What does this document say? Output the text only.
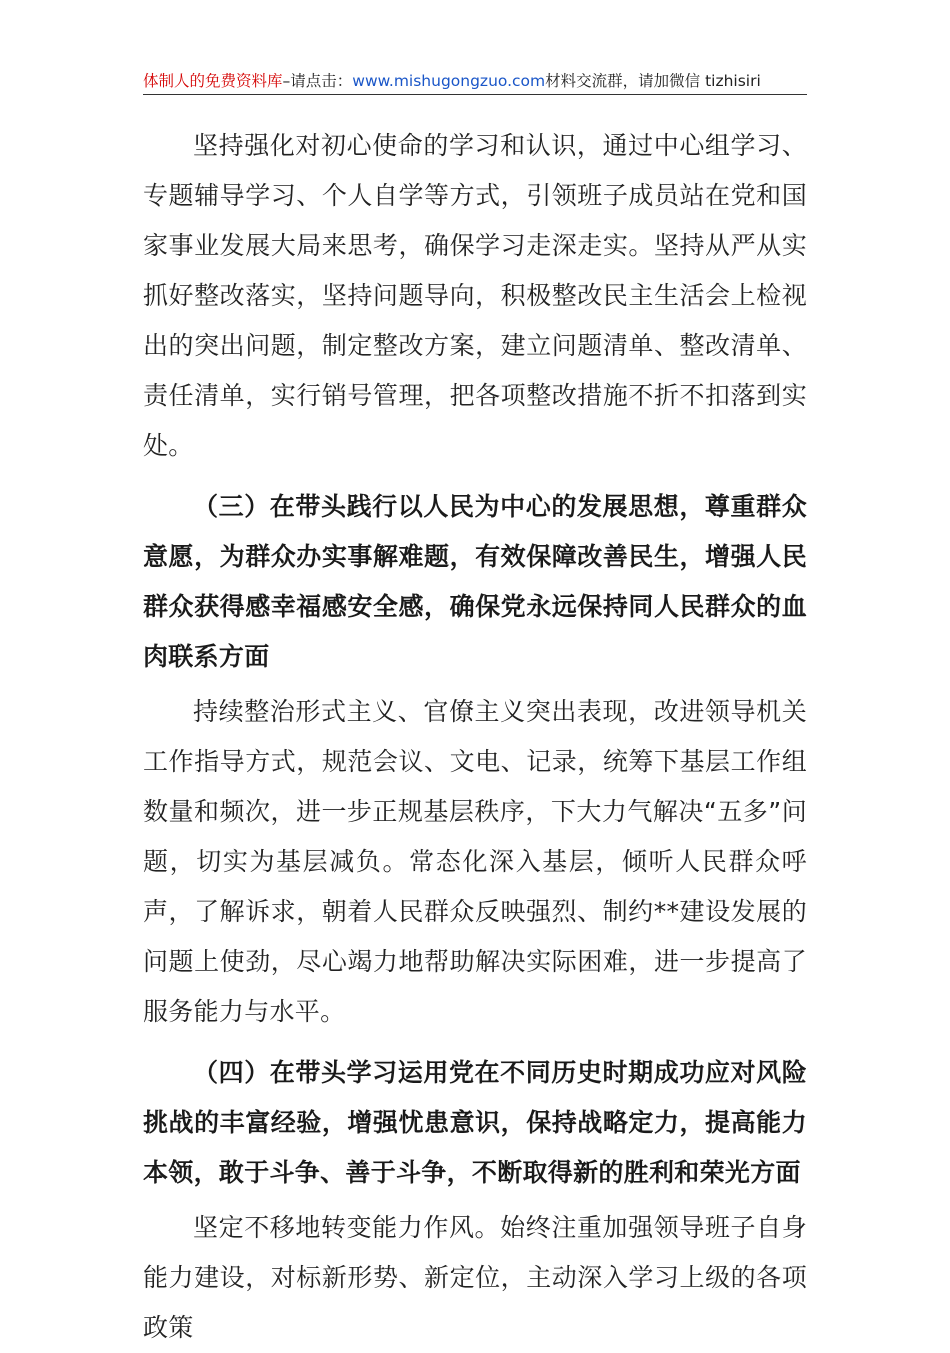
体制人的免费资料库–请点击：www.mishugongzuo.com材料交流群，请加微信 tizhisiri

坚持强化对初心使命的学习和认识，通过中心组学习、专题辅导学习、个人自学等方式，引领班子成员站在党和国家事业发展大局来思考，确保学习走深走实。坚持从严从实抓好整改落实，坚持问题导向，积极整改民主生活会上检视出的突出问题，制定整改方案，建立问题清单、整改清单、责任清单，实行销号管理，把各项整改措施不折不扣落到实处。

（三）在带头践行以人民为中心的发展思想，尊重群众意愿，为群众办实事解难题，有效保障改善民生，增强人民群众获得感幸福感安全感，确保党永远保持同人民群众的血肉联系方面

持续整治形式主义、官僚主义突出表现，改进领导机关工作指导方式，规范会议、文电、记录，统筹下基层工作组数量和频次，进一步正规基层秩序，下大力气解决“五多”问题，切实为基层减负。常态化深入基层，倾听人民群众呼声，了解诉求，朝着人民群众反映强烈、制约**建设发展的问题上使劲，尽心竭力地帮助解决实际困难，进一步提高了服务能力与水平。

（四）在带头学习运用党在不同历史时期成功应对风险挑战的丰富经验，增强忧患意识，保持战略定力，提高能力本领，敢于斗争、善于斗争，不断取得新的胜利和荣光方面

坚定不移地转变能力作风。始终注重加强领导班子自身能力建设，对标新形势、新定位，主动深入学习上级的各项政策
